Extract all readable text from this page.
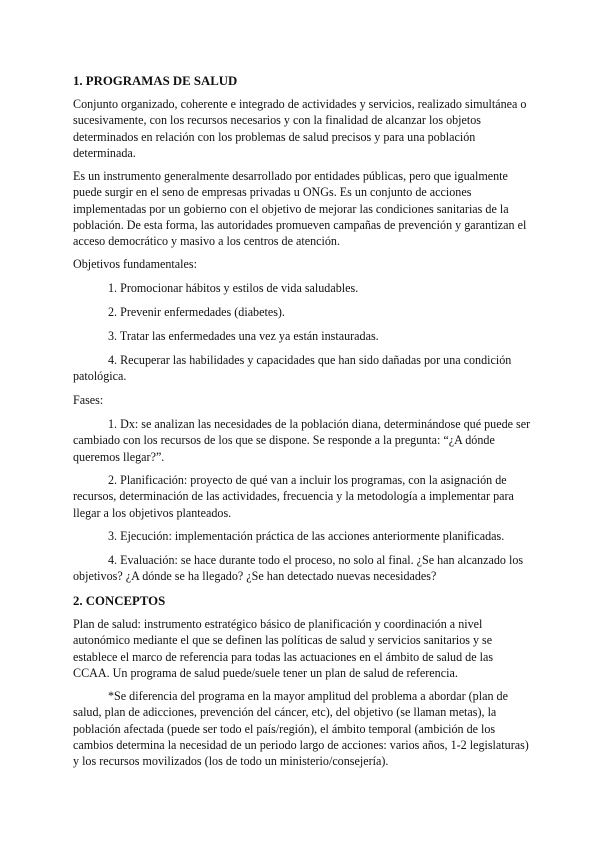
1. PROGRAMAS DE SALUD

Conjunto organizado, coherente e integrado de actividades y servicios, realizado simultánea o sucesivamente, con los recursos necesarios y con la finalidad de alcanzar los objetos determinados en relación con los problemas de salud precisos y para una población determinada.

Es un instrumento generalmente desarrollado por entidades públicas, pero que igualmente puede surgir en el seno de empresas privadas u ONGs. Es un conjunto de acciones implementadas por un gobierno con el objetivo de mejorar las condiciones sanitarias de la población. De esta forma, las autoridades promueven campañas de prevención y garantizan el acceso democrático y masivo a los centros de atención.

Objetivos fundamentales:

1. Promocionar hábitos y estilos de vida saludables.

2. Prevenir enfermedades (diabetes).

3. Tratar las enfermedades una vez ya están instauradas.

4. Recuperar las habilidades y capacidades que han sido dañadas por una condición patológica.

Fases:

1. Dx: se analizan las necesidades de la población diana, determinándose qué puede ser cambiado con los recursos de los que se dispone. Se responde a la pregunta: “¿A dónde queremos llegar?”.

2. Planificación: proyecto de qué van a incluir los programas, con la asignación de recursos, determinación de las actividades, frecuencia y la metodología a implementar para llegar a los objetivos planteados.

3. Ejecución: implementación práctica de las acciones anteriormente planificadas.

4. Evaluación: se hace durante todo el proceso, no solo al final. ¿Se han alcanzado los objetivos? ¿A dónde se ha llegado? ¿Se han detectado nuevas necesidades?

2. CONCEPTOS

Plan de salud: instrumento estratégico básico de planificación y coordinación a nivel autonómico mediante el que se definen las políticas de salud y servicios sanitarios y se establece el marco de referencia para todas las actuaciones en el ámbito de salud de las CCAA. Un programa de salud puede/suele tener un plan de salud de referencia.

*Se diferencia del programa en la mayor amplitud del problema a abordar (plan de salud, plan de adicciones, prevención del cáncer, etc), del objetivo (se llaman metas), la población afectada (puede ser todo el país/región), el ámbito temporal (ambición de los cambios determina la necesidad de un periodo largo de acciones: varios años, 1-2 legislaturas) y los recursos movilizados (los de todo un ministerio/consejería).
